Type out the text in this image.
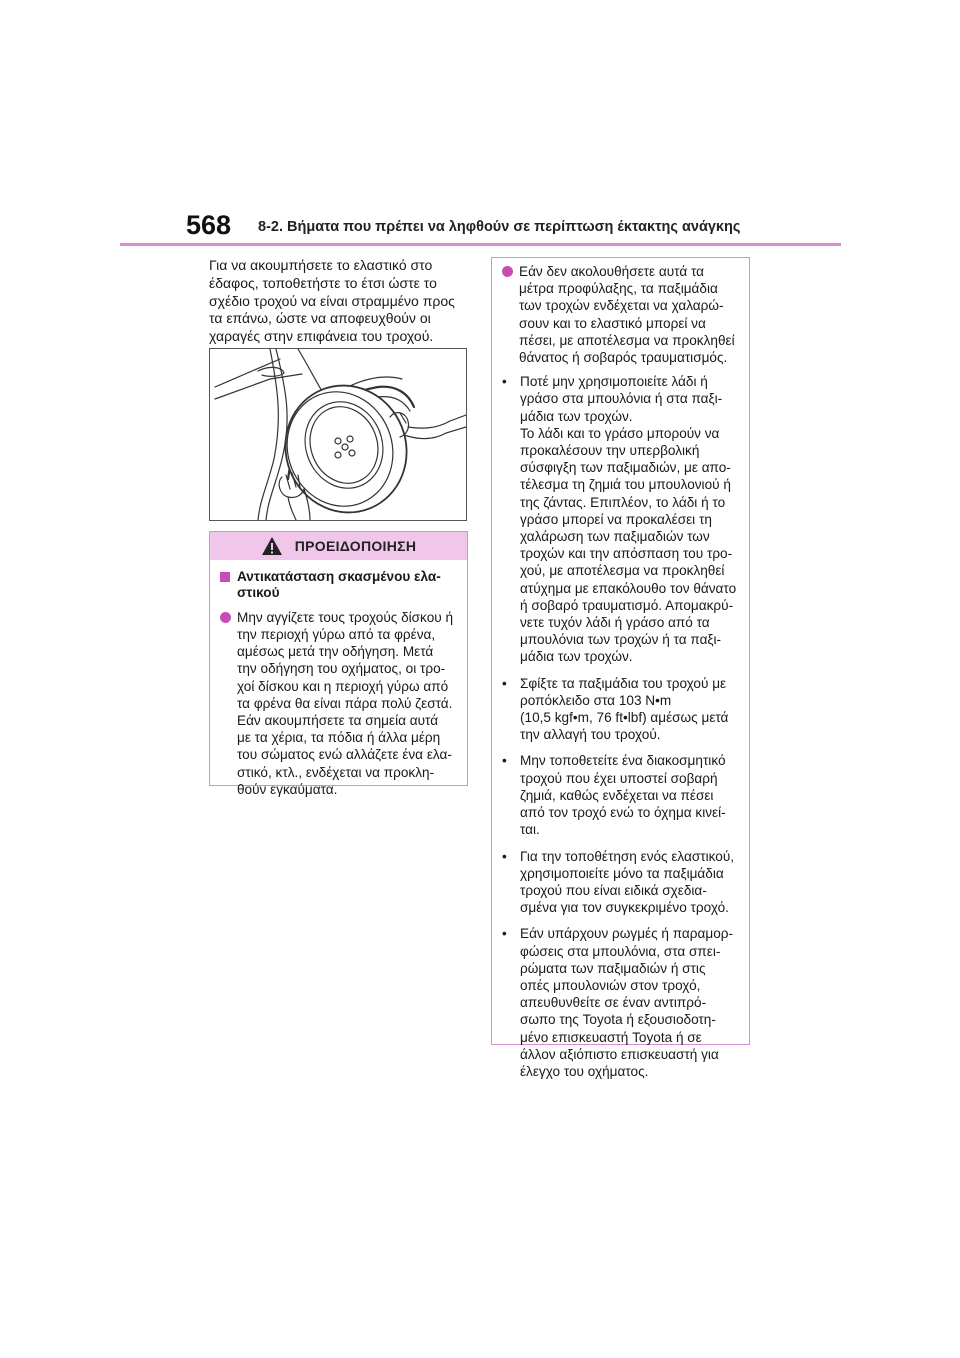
568 8-2. Βήματα που πρέπει να ληφθούν σε περίπτωση έκτακτης ανάγκης

Για να ακουμπήσετε το ελαστικό στο
έδαφος, τοποθετήστε το έτσι ώστε το
σχέδιο τροχού να είναι στραμμένο προς
τα επάνω, ώστε να αποφευχθούν οι
χαραγές στην επιφάνεια του τροχού.

ΠΡΟΕΙΔΟΠΟΙΗΣΗ

Αντικατάσταση σκασμένου ελα-
στικού

Μην αγγίζετε τους τροχούς δίσκου ή
την περιοχή γύρω από τα φρένα,
αμέσως μετά την οδήγηση. Μετά
την οδήγηση του οχήματος, οι τρο-
χοί δίσκου και η περιοχή γύρω από
τα φρένα θα είναι πάρα πολύ ζεστά.
Εάν ακουμπήσετε τα σημεία αυτά
με τα χέρια, τα πόδια ή άλλα μέρη
του σώματος ενώ αλλάζετε ένα ελα-
στικό, κτλ., ενδέχεται να προκλη-
θούν εγκαύματα.

Εάν δεν ακολουθήσετε αυτά τα
μέτρα προφύλαξης, τα παξιμάδια
των τροχών ενδέχεται να χαλαρώ-
σουν και το ελαστικό μπορεί να
πέσει, με αποτέλεσμα να προκληθεί
θάνατος ή σοβαρός τραυματισμός.

• Ποτέ μην χρησιμοποιείτε λάδι ή
γράσο στα μπουλόνια ή στα παξι-
μάδια των τροχών.
Το λάδι και το γράσο μπορούν να
προκαλέσουν την υπερβολική
σύσφιγξη των παξιμαδιών, με απο-
τέλεσμα τη ζημιά του μπουλονιού ή
της ζάντας. Επιπλέον, το λάδι ή το
γράσο μπορεί να προκαλέσει τη
χαλάρωση των παξιμαδιών των
τροχών και την απόσπαση του τρο-
χού, με αποτέλεσμα να προκληθεί
ατύχημα με επακόλουθο τον θάνατο
ή σοβαρό τραυματισμό. Απομακρύ-
νετε τυχόν λάδι ή γράσο από τα
μπουλόνια των τροχών ή τα παξι-
μάδια των τροχών.

• Σφίξτε τα παξιμάδια του τροχού με
ροπόκλειδο στα 103 N•m
(10,5 kgf•m, 76 ft•lbf) αμέσως μετά
την αλλαγή του τροχού.

• Μην τοποθετείτε ένα διακοσμητικό
τροχού που έχει υποστεί σοβαρή
ζημιά, καθώς ενδέχεται να πέσει
από τον τροχό ενώ το όχημα κινεί-
ται.

• Για την τοποθέτηση ενός ελαστικού,
χρησιμοποιείτε μόνο τα παξιμάδια
τροχού που είναι ειδικά σχεδια-
σμένα για τον συγκεκριμένο τροχό.

• Εάν υπάρχουν ρωγμές ή παραμορ-
φώσεις στα μπουλόνια, στα σπει-
ρώματα των παξιμαδιών ή στις
οπές μπουλονιών στον τροχό,
απευθυνθείτε σε έναν αντιπρό-
σωπο της Toyota ή εξουσιοδοτη-
μένο επισκευαστή Toyota ή σε
άλλον αξιόπιστο επισκευαστή για
έλεγχο του οχήματος.
